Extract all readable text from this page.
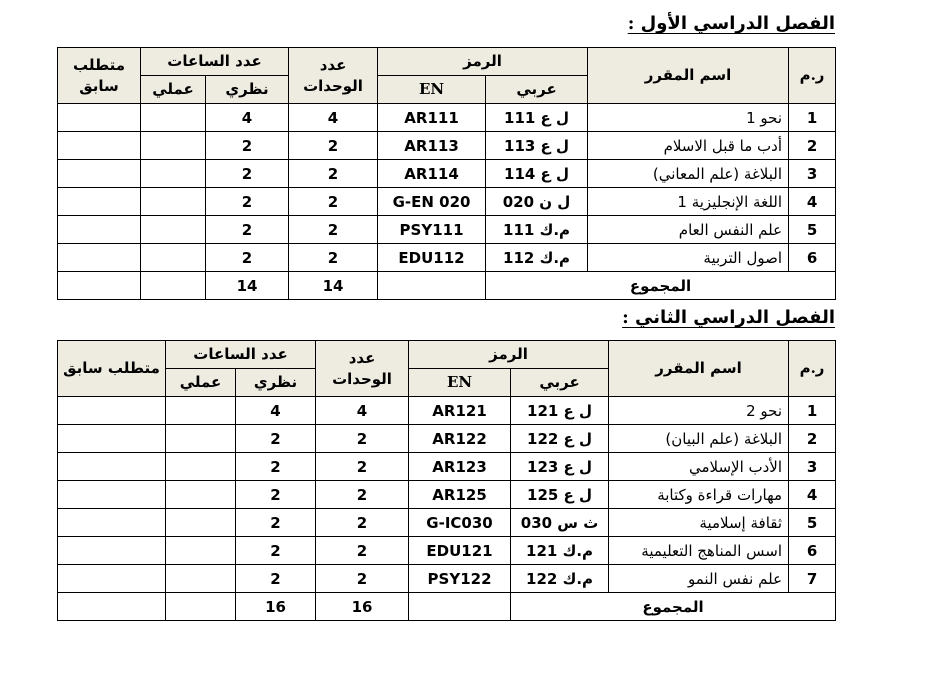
الفصل الدراسي الأول :
ر.م	اسم المقرر	الرمز		عدد الوحدات	عدد الساعات		متطلب سابق
		عربي	EN		نظري	عملي	
1	نحو 1	ل ع 111	AR111	4	4		
2	أدب ما قبل الاسلام	ل ع 113	AR113	2	2		
3	البلاغة (علم المعاني)	ل ع 114	AR114	2	2		
4	اللغة الإنجليزية 1	ل ن 020	G-EN 020	2	2		
5	علم النفس العام	م.ك 111	PSY111	2	2		
6	اصول التربية	م.ك 112	EDU112	2	2		
المجموع				14	14		
الفصل الدراسي الثاني :
ر.م	اسم المقرر	الرمز		عدد الوحدات	عدد الساعات		متطلب سابق
		عربي	EN		نظري	عملي	
1	نحو 2	ل ع 121	AR121	4	4		
2	البلاغة (علم البيان)	ل ع 122	AR122	2	2		
3	الأدب الإسلامي	ل ع 123	AR123	2	2		
4	مهارات قراءة وكتابة	ل ع 125	AR125	2	2		
5	ثقافة إسلامية	ث س 030	G-IC030	2	2		
6	اسس المناهج التعليمية	م.ك 121	EDU121	2	2		
7	علم نفس النمو	م.ك 122	PSY122	2	2		
المجموع				16	16		
